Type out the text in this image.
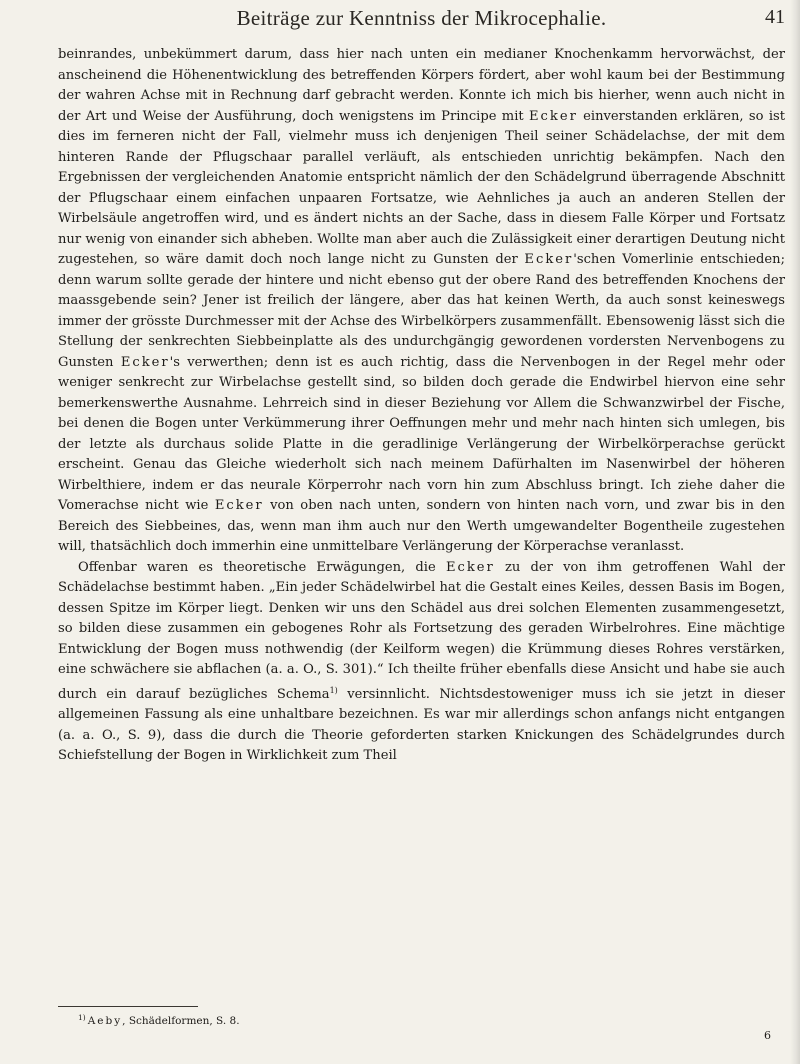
Beiträge zur Kenntniss der Mikrocephalie.	41

beinrandes, unbekümmert darum, dass hier nach unten ein medianer Knochenkamm hervorwächst, der anscheinend die Höhenentwicklung des betreffenden Körpers fördert, aber wohl kaum bei der Bestimmung der wahren Achse mit in Rechnung darf gebracht werden. Konnte ich mich bis hierher, wenn auch nicht in der Art und Weise der Ausführung, doch wenigstens im Principe mit Ecker einverstanden erklären, so ist dies im ferneren nicht der Fall, vielmehr muss ich denjenigen Theil seiner Schädelachse, der mit dem hinteren Rande der Pflugschaar parallel verläuft, als entschieden unrichtig bekämpfen. Nach den Ergebnissen der vergleichenden Anatomie entspricht nämlich der den Schädelgrund überragende Abschnitt der Pflugschaar einem einfachen unpaaren Fortsatze, wie Aehnliches ja auch an anderen Stellen der Wirbelsäule angetroffen wird, und es ändert nichts an der Sache, dass in diesem Falle Körper und Fortsatz nur wenig von einander sich abheben. Wollte man aber auch die Zulässigkeit einer derartigen Deutung nicht zugestehen, so wäre damit doch noch lange nicht zu Gunsten der Ecker'schen Vomerlinie entschieden; denn warum sollte gerade der hintere und nicht ebenso gut der obere Rand des betreffenden Knochens der maassgebende sein? Jener ist freilich der längere, aber das hat keinen Werth, da auch sonst keineswegs immer der grösste Durchmesser mit der Achse des Wirbelkörpers zusammenfällt. Ebensowenig lässt sich die Stellung der senkrechten Siebbeinplatte als des undurchgängig gewordenen vordersten Nervenbogens zu Gunsten Ecker's verwerthen; denn ist es auch richtig, dass die Nervenbogen in der Regel mehr oder weniger senkrecht zur Wirbelachse gestellt sind, so bilden doch gerade die Endwirbel hiervon eine sehr bemerkenswerthe Ausnahme. Lehrreich sind in dieser Beziehung vor Allem die Schwanzwirbel der Fische, bei denen die Bogen unter Verkümmerung ihrer Oeffnungen mehr und mehr nach hinten sich umlegen, bis der letzte als durchaus solide Platte in die geradlinige Verlängerung der Wirbelkörperachse gerückt erscheint. Genau das Gleiche wiederholt sich nach meinem Dafürhalten im Nasenwirbel der höheren Wirbelthiere, indem er das neurale Körperrohr nach vorn hin zum Abschluss bringt. Ich ziehe daher die Vomerachse nicht wie Ecker von oben nach unten, sondern von hinten nach vorn, und zwar bis in den Bereich des Siebbeines, das, wenn man ihm auch nur den Werth umgewandelter Bogentheile zugestehen will, thatsächlich doch immerhin eine unmittelbare Verlängerung der Körperachse veranlasst.

Offenbar waren es theoretische Erwägungen, die Ecker zu der von ihm getroffenen Wahl der Schädelachse bestimmt haben. „Ein jeder Schädelwirbel hat die Gestalt eines Keiles, dessen Basis im Bogen, dessen Spitze im Körper liegt. Denken wir uns den Schädel aus drei solchen Elementen zusammengesetzt, so bilden diese zusammen ein gebogenes Rohr als Fortsetzung des geraden Wirbelrohres. Eine mächtige Entwicklung der Bogen muss nothwendig (der Keilform wegen) die Krümmung dieses Rohres verstärken, eine schwächere sie abflachen (a. a. O., S. 301).“ Ich theilte früher ebenfalls diese Ansicht und habe sie auch durch ein darauf bezügliches Schema$^{1)}$ versinnlicht. Nichtsdestoweniger muss ich sie jetzt in dieser allgemeinen Fassung als eine unhaltbare bezeichnen. Es war mir allerdings schon anfangs nicht entgangen (a. a. O., S. 9), dass die durch die Theorie geforderten starken Knickungen des Schädelgrundes durch Schiefstellung der Bogen in Wirklichkeit zum Theil

$^{1)}$ Aeby, Schädelformen, S. 8.
6
